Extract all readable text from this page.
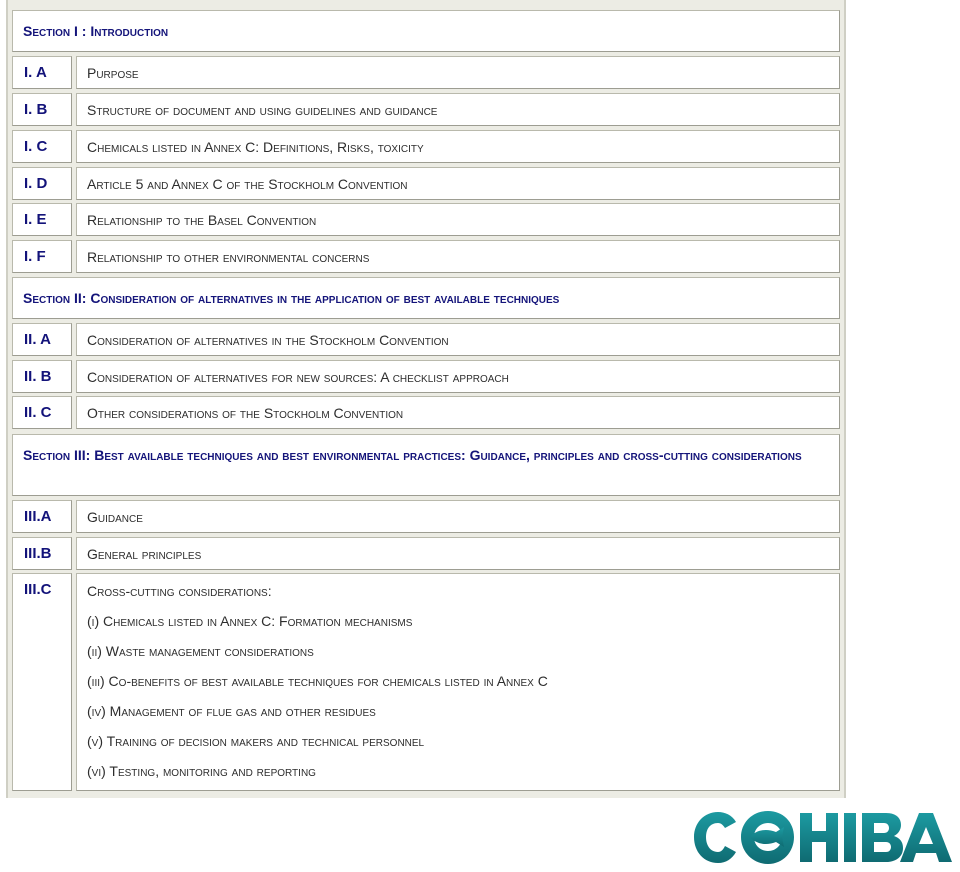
Section I : Introduction
I. A	Purpose
I. B	Structure of document and using guidelines and guidance
I. C	Chemicals listed in Annex C: Definitions, Risks, toxicity
I. D	Article 5 and Annex C of the Stockholm Convention
I. E	Relationship to the Basel Convention
I. F	Relationship to other environmental concerns
Section II: Consideration of alternatives in the application of best available techniques
II. A	Consideration of alternatives in the Stockholm Convention
II. B	Consideration of alternatives for new sources: A checklist approach
II. C	Other considerations of the Stockholm Convention
Section III: Best available techniques and best environmental practices: Guidance, principles and cross-cutting considerations
III.A	Guidance
III.B	General principles
III.C	Cross-cutting considerations:
(i) Chemicals listed in Annex C: Formation mechanisms
(ii) Waste management considerations
(iii) Co-benefits of best available techniques for chemicals listed in Annex C
(iv) Management of flue gas and other residues
(v) Training of decision makers and technical personnel
(vi) Testing, monitoring and reporting
